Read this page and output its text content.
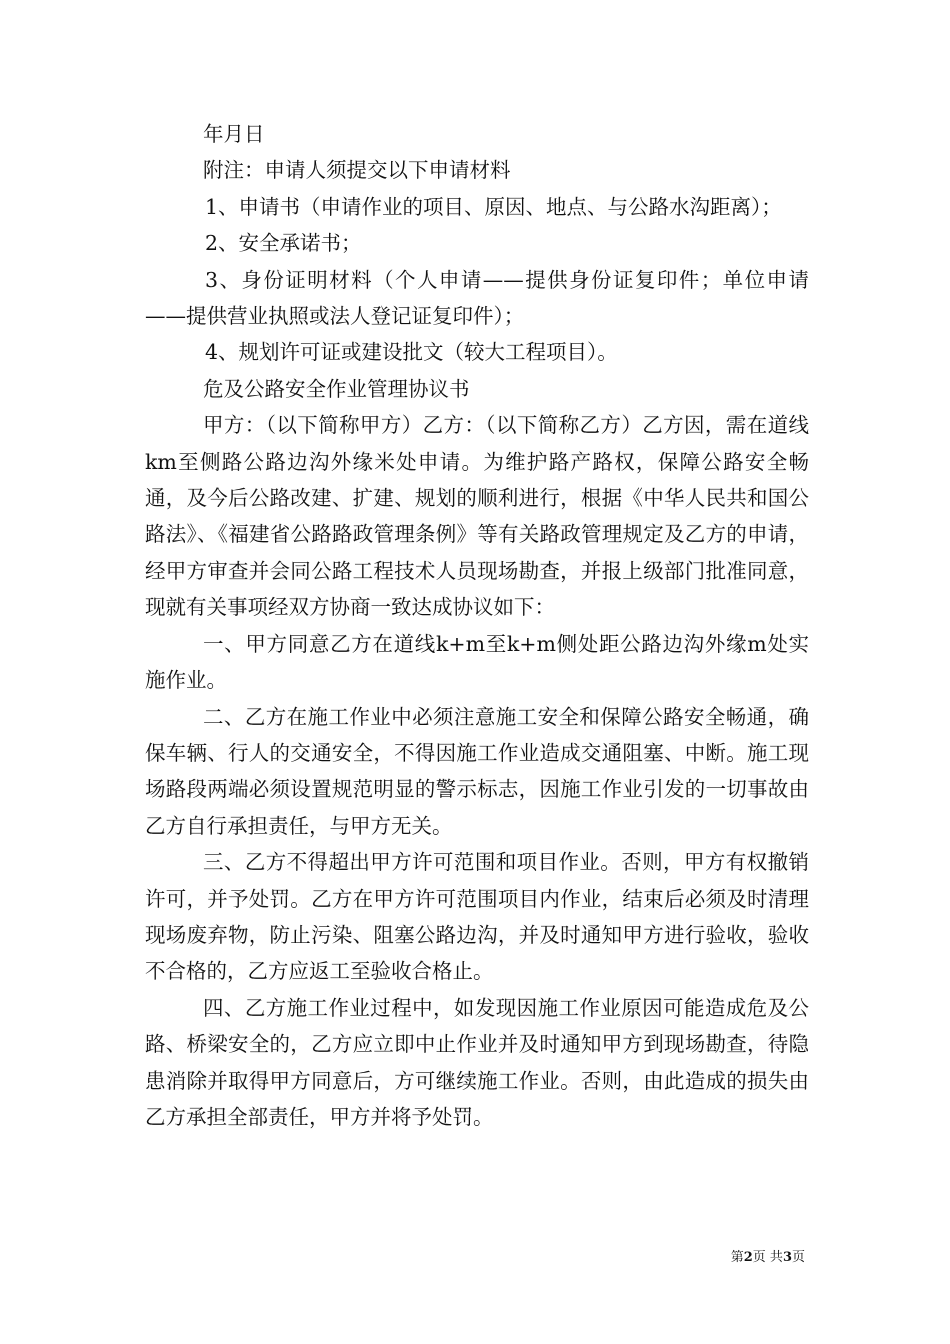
年月日

附注：申请人须提交以下申请材料

1、申请书（申请作业的项目、原因、地点、与公路水沟距离）；

2、安全承诺书；

3、身份证明材料（个人申请——提供身份证复印件；单位申请——提供营业执照或法人登记证复印件）；

4、规划许可证或建设批文（较大工程项目）。

危及公路安全作业管理协议书

甲方：（以下简称甲方）乙方：（以下简称乙方）乙方因，需在道线km至侧路公路边沟外缘米处申请。为维护路产路权，保障公路安全畅通，及今后公路改建、扩建、规划的顺利进行，根据《中华人民共和国公路法》、《福建省公路路政管理条例》等有关路政管理规定及乙方的申请，经甲方审查并会同公路工程技术人员现场勘查，并报上级部门批准同意，现就有关事项经双方协商一致达成协议如下：

一、甲方同意乙方在道线k+m至k+m侧处距公路边沟外缘m处实施作业。

二、乙方在施工作业中必须注意施工安全和保障公路安全畅通，确保车辆、行人的交通安全，不得因施工作业造成交通阻塞、中断。施工现场路段两端必须设置规范明显的警示标志，因施工作业引发的一切事故由乙方自行承担责任，与甲方无关。

三、乙方不得超出甲方许可范围和项目作业。否则，甲方有权撤销许可，并予处罚。乙方在甲方许可范围项目内作业，结束后必须及时清理现场废弃物，防止污染、阻塞公路边沟，并及时通知甲方进行验收，验收不合格的，乙方应返工至验收合格止。

四、乙方施工作业过程中，如发现因施工作业原因可能造成危及公路、桥梁安全的，乙方应立即中止作业并及时通知甲方到现场勘查，待隐患消除并取得甲方同意后，方可继续施工作业。否则，由此造成的损失由乙方承担全部责任，甲方并将予处罚。

第2页 共3页
